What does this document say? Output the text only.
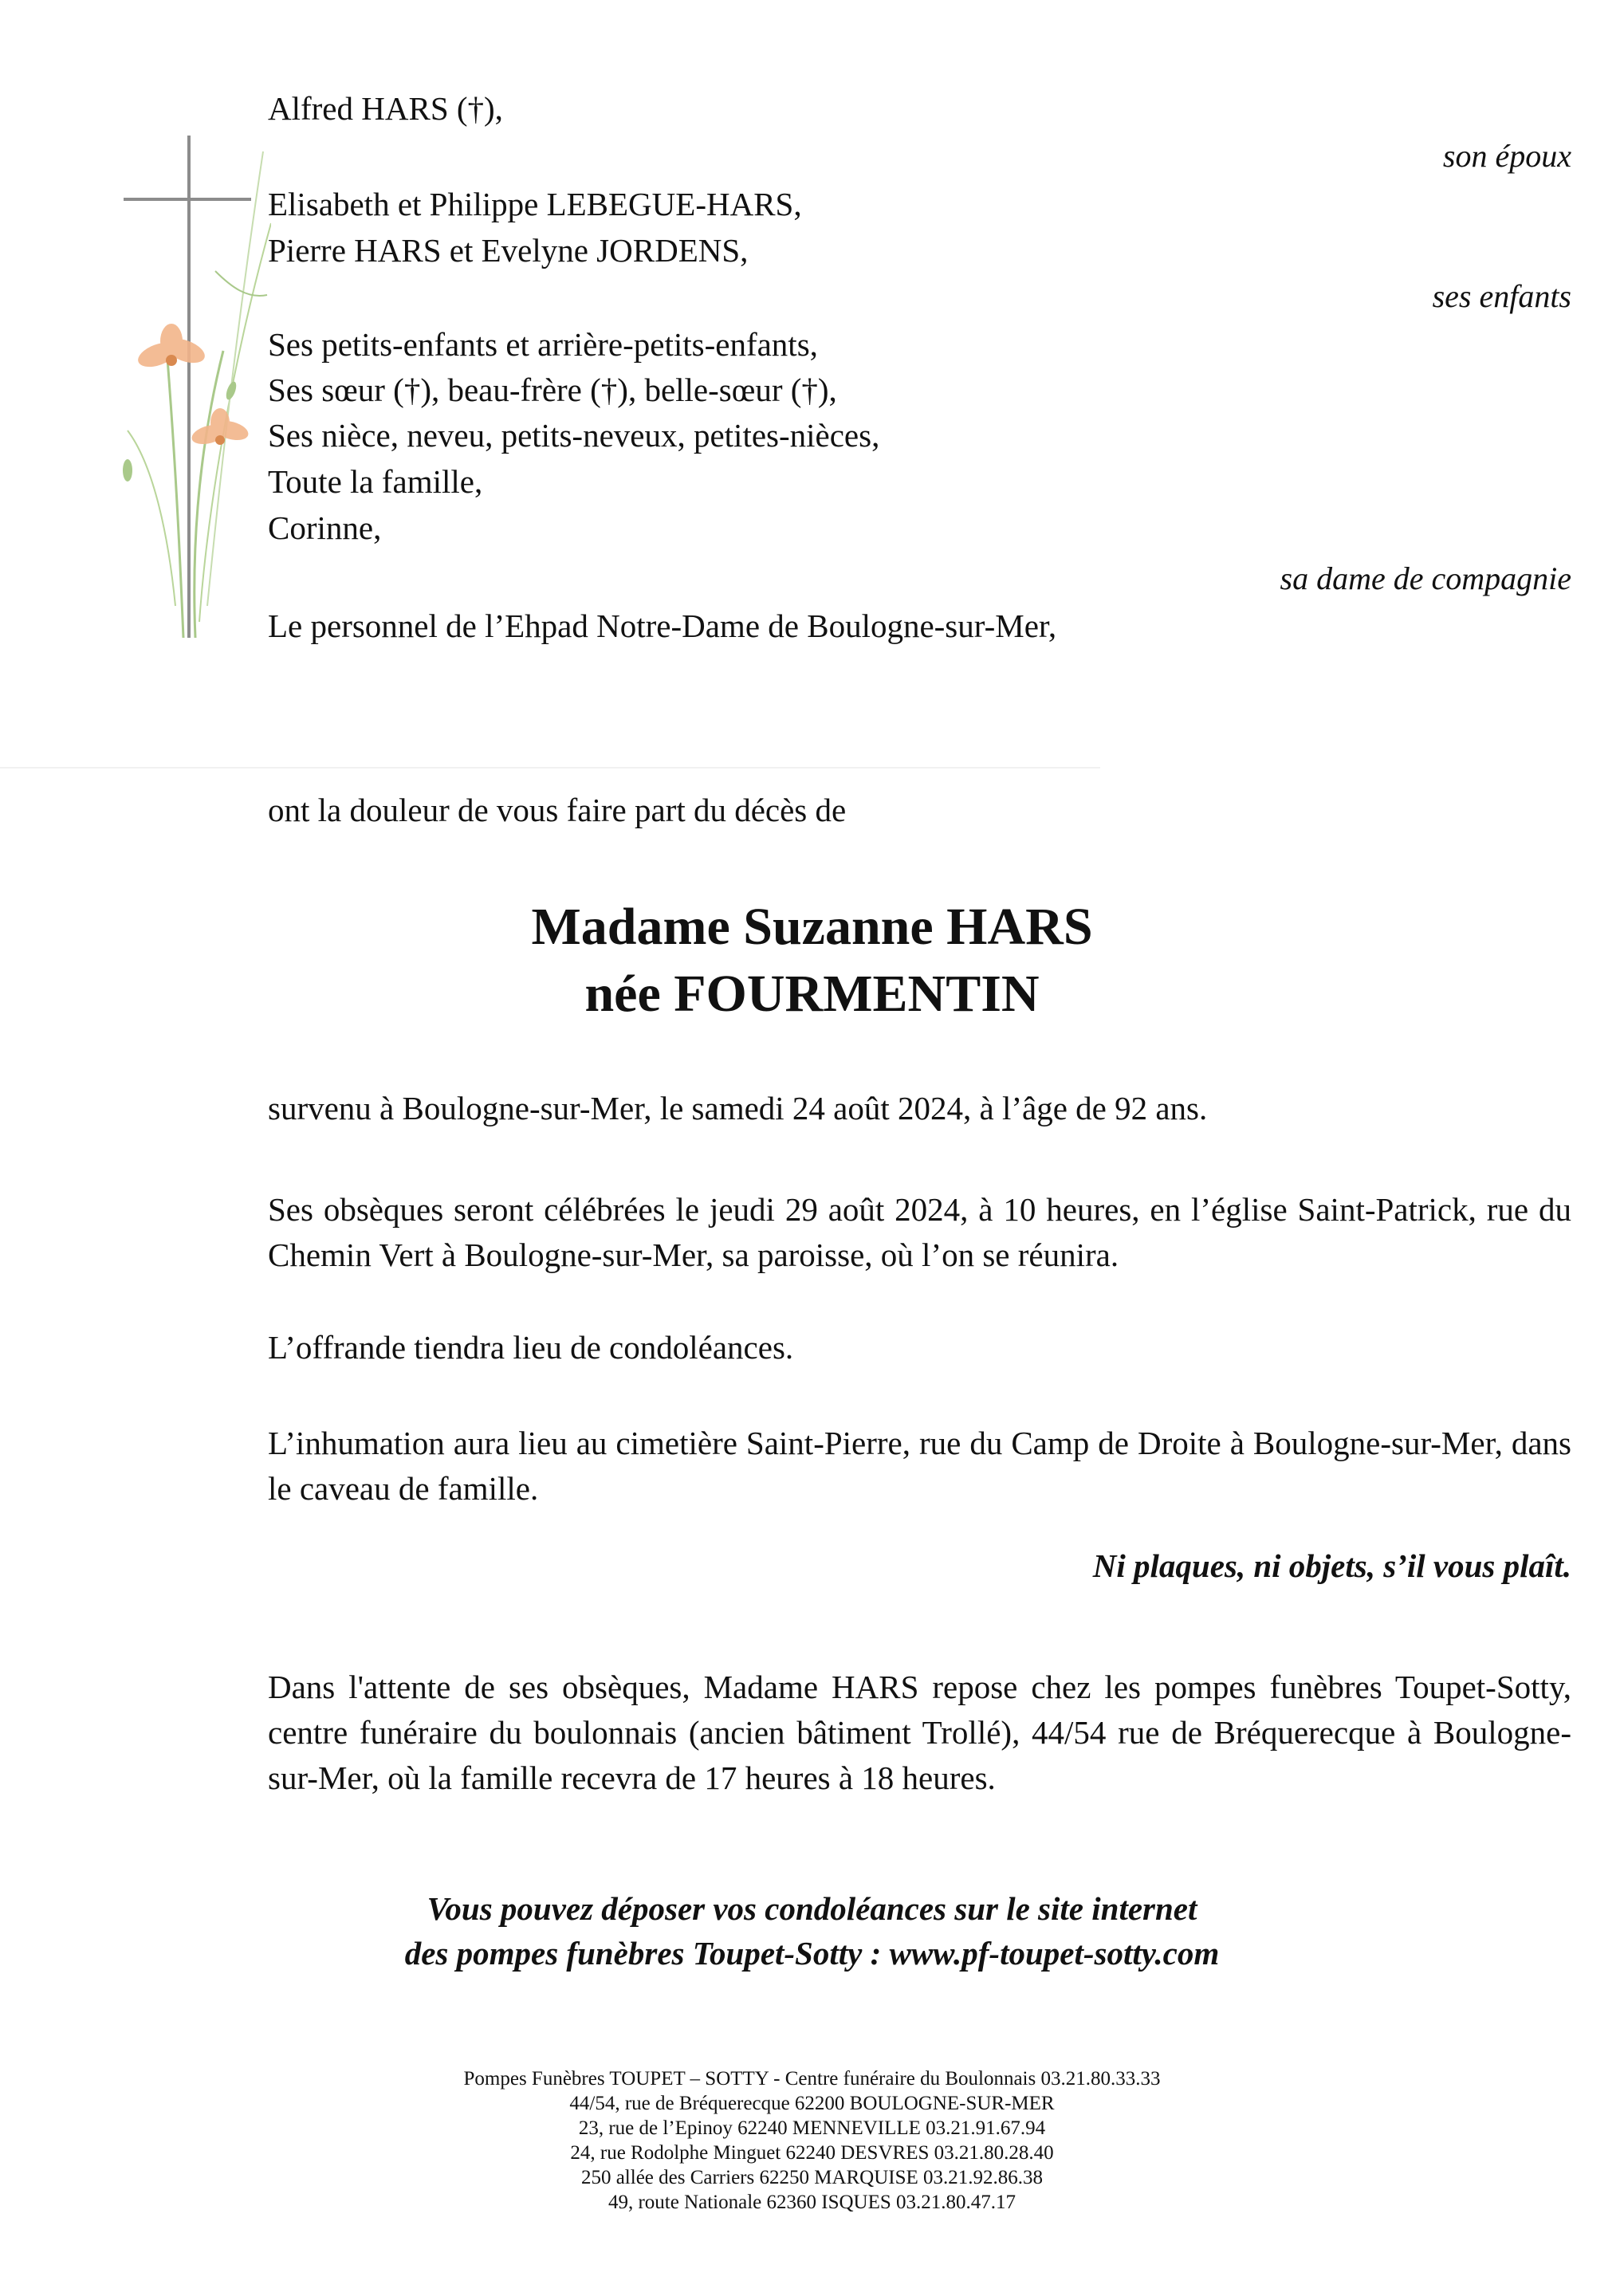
Alfred HARS (†),
son époux
Elisabeth et Philippe LEBEGUE-HARS,
Pierre HARS et Evelyne JORDENS,
ses enfants
Ses petits-enfants et arrière-petits-enfants,
Ses sœur (†), beau-frère (†), belle-sœur (†),
Ses nièce, neveu, petits-neveux, petites-nièces,
Toute la famille,
Corinne,
sa dame de compagnie
Le personnel de l’Ehpad Notre-Dame de Boulogne-sur-Mer,
ont la douleur de vous faire part du décès de
Madame Suzanne HARS
née FOURMENTIN
survenu à Boulogne-sur-Mer, le samedi 24 août 2024, à l’âge de 92 ans.
Ses obsèques seront célébrées le jeudi 29 août 2024, à 10 heures, en l’église Saint-Patrick, rue du Chemin Vert à Boulogne-sur-Mer, sa paroisse, où l’on se réunira.
L’offrande tiendra lieu de condoléances.
L’inhumation aura lieu au cimetière Saint-Pierre, rue du Camp de Droite à Boulogne-sur-Mer, dans le caveau de famille.
Ni plaques, ni objets, s’il vous plaît.
Dans l'attente de ses obsèques, Madame HARS repose chez les pompes funèbres Toupet-Sotty, centre funéraire du boulonnais (ancien bâtiment Trollé), 44/54 rue de Bréquerecque à Boulogne-sur-Mer, où la famille recevra de 17 heures à 18 heures.
Vous pouvez déposer vos condoléances sur le site internet
des pompes funèbres Toupet-Sotty : www.pf-toupet-sotty.com
Pompes Funèbres TOUPET – SOTTY - Centre funéraire du Boulonnais 03.21.80.33.33
44/54, rue de Bréquerecque 62200 BOULOGNE-SUR-MER
23, rue de l’Epinoy 62240 MENNEVILLE 03.21.91.67.94
24, rue Rodolphe Minguet 62240 DESVRES 03.21.80.28.40
250 allée des Carriers 62250 MARQUISE 03.21.92.86.38
49, route Nationale 62360 ISQUES 03.21.80.47.17
